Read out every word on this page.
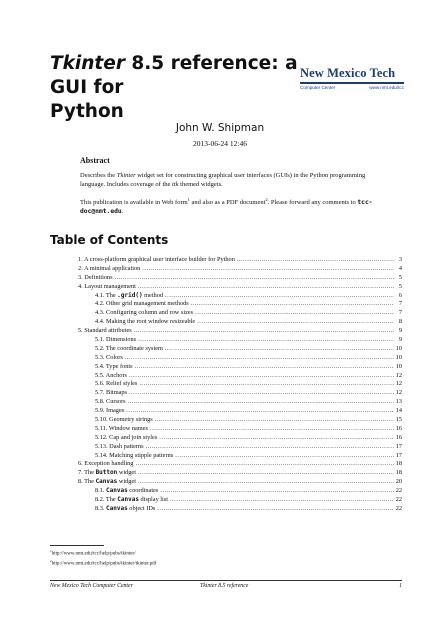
Tkinter 8.5 reference: a GUI for
Python
New Mexico Tech
Computer Center	www.nmt.edu/tcc
John W. Shipman
2013-06-24 12:46
Abstract

Describes the Tkinter widget set for constructing graphical user interfaces (GUIs) in the Python programming language. Includes coverage of the ttk themed widgets.

This publication is available in Web form$^1$ and also as a PDF document$^2$. Please forward any comments to tcc-doc@nmt.edu.

Table of Contents
1. A cross-platform graphical user interface builder for Python .....	3
2. A minimal application .....	4
3. Definitions .....	5
4. Layout management .....	5
4.1. The .grid() method .....	6
4.2. Other grid management methods .....	7
4.3. Configuring column and row sizes .....	7
4.4. Making the root window resizeable .....	8
5. Standard attributes .....	9
5.1. Dimensions .....	9
5.2. The coordinate system .....	10
5.3. Colors .....	10
5.4. Type fonts .....	10
5.5. Anchors .....	12
5.6. Relief styles .....	12
5.7. Bitmaps .....	12
5.8. Cursors .....	13
5.9. Images .....	14
5.10. Geometry strings .....	15
5.11. Window names .....	16
5.12. Cap and join styles .....	16
5.13. Dash patterns .....	17
5.14. Matching stipple patterns .....	17
6. Exception handling .....	18
7. The Button widget .....	18
8. The Canvas widget .....	20
8.1. Canvas coordinates .....	22
8.2. The Canvas display list .....	22
8.3. Canvas object IDs .....	22
$^1$http://www.nmt.edu/tcc/help/pubs/tkinter/
$^2$http://www.nmt.edu/tcc/help/pubs/tkinter/tkinter.pdf
New Mexico Tech Computer Center	Tkinter 8.5 reference	1
